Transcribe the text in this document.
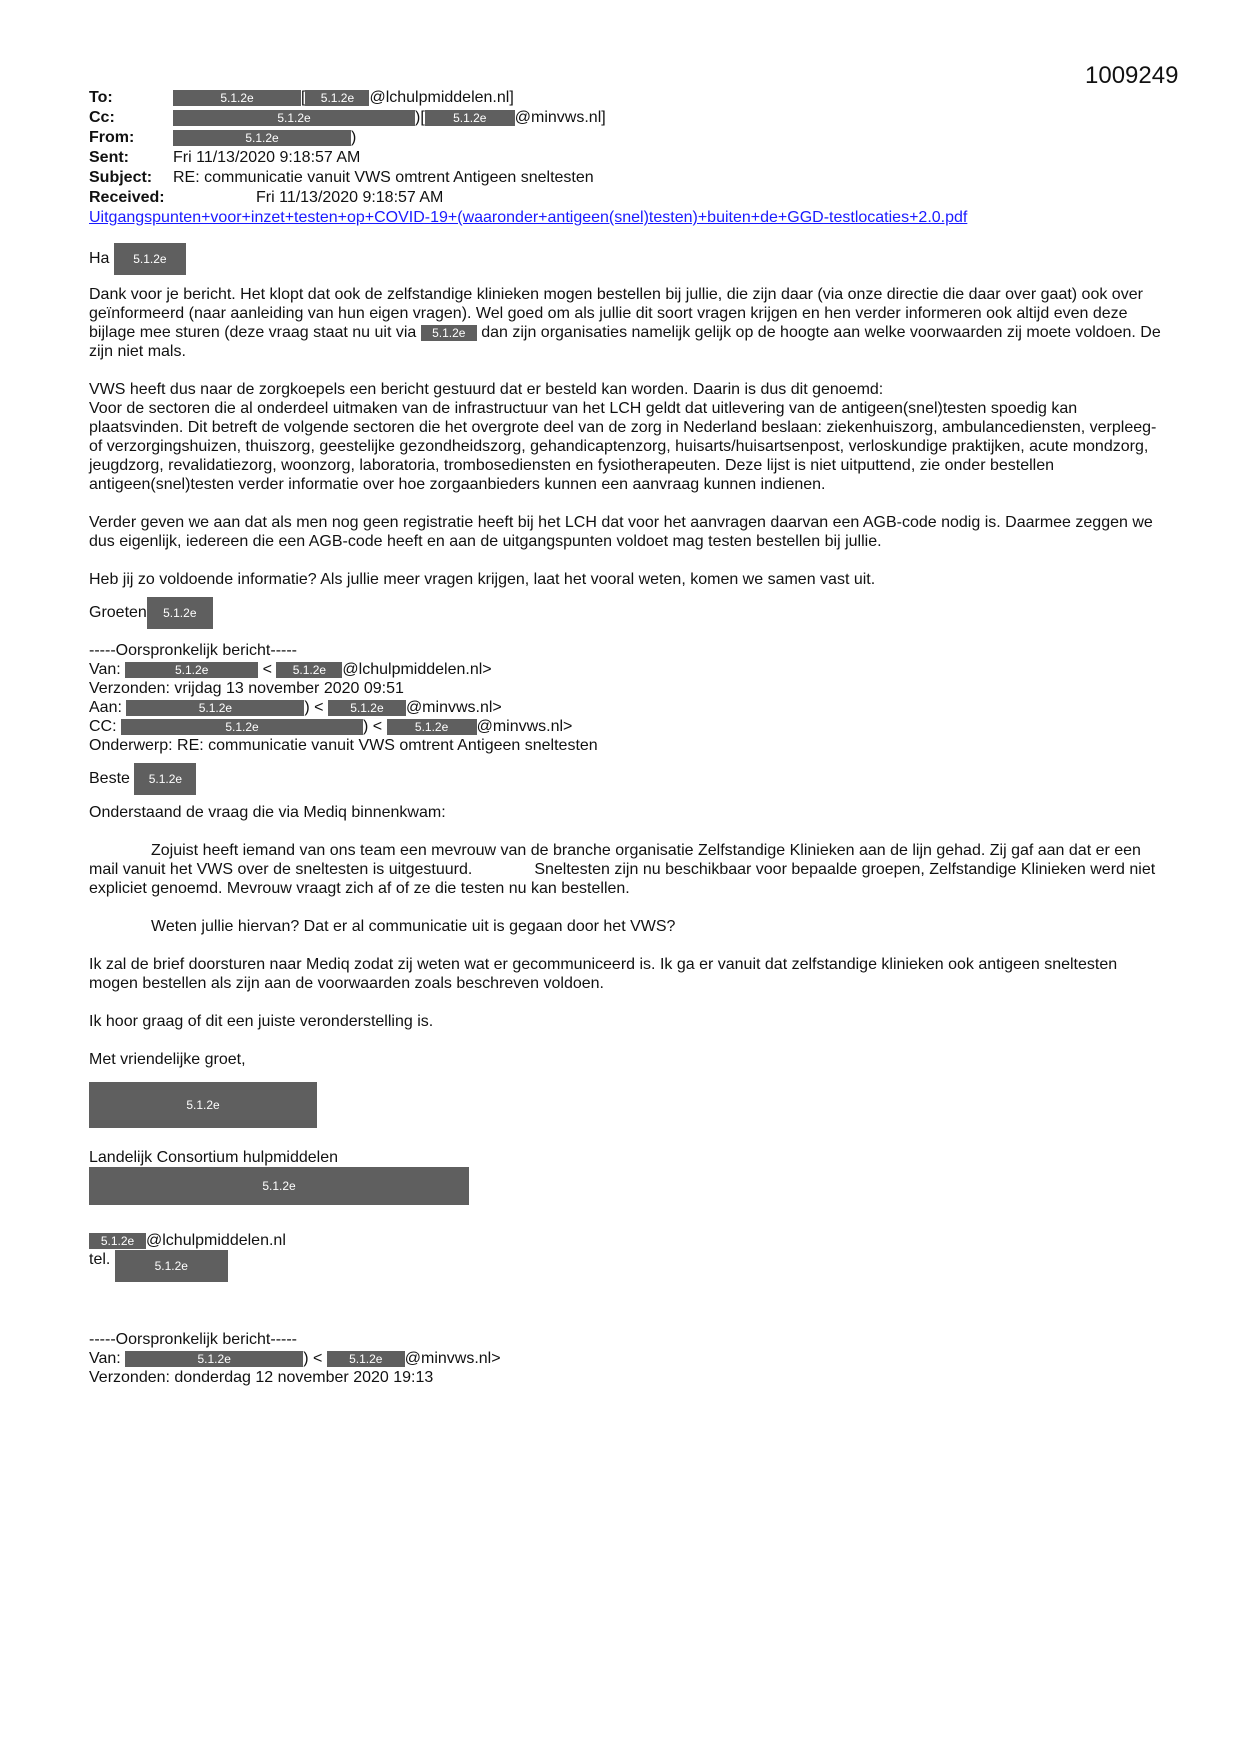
1009249
To:	5.1.2e	[ 5.1.2e @lchulpmiddelen.nl]
Cc:	5.1.2e	)[ 5.1.2e @minvws.nl]
From:	5.1.2e	)
Sent:	Fri 11/13/2020 9:18:57 AM
Subject: RE: communicatie vanuit VWS omtrent Antigeen sneltesten
Received:	Fri 11/13/2020 9:18:57 AM
Uitgangspunten+voor+inzet+testen+op+COVID-19+(waaronder+antigeen(snel)testen)+buiten+de+GGD-testlocaties+2.0.pdf

Ha 5.1.2e

Dank voor je bericht. Het klopt dat ook de zelfstandige klinieken mogen bestellen bij jullie, die zijn daar (via onze directie die daar over gaat) ook over geïnformeerd (naar aanleiding van hun eigen vragen). Wel goed om als jullie dit soort vragen krijgen en hen verder informeren ook altijd even deze bijlage mee sturen (deze vraag staat nu uit via 5.1.2e dan zijn organisaties namelijk gelijk op de hoogte aan welke voorwaarden zij moete voldoen. De zijn niet mals.

VWS heeft dus naar de zorgkoepels een bericht gestuurd dat er besteld kan worden. Daarin is dus dit genoemd:

Voor de sectoren die al onderdeel uitmaken van de infrastructuur van het LCH geldt dat uitlevering van de antigeen(snel)testen spoedig kan plaatsvinden. Dit betreft de volgende sectoren die het overgrote deel van de zorg in Nederland beslaan: ziekenhuiszorg, ambulancediensten, verpleeg- of verzorgingshuizen, thuiszorg, geestelijke gezondheidszorg, gehandicaptenzorg, huisarts/huisartsenpost, verloskundige praktijken, acute mondzorg, jeugdzorg, revalidatiezorg, woonzorg, laboratoria, trombosediensten en fysiotherapeuten. Deze lijst is niet uitputtend, zie onder bestellen antigeen(snel)testen verder informatie over hoe zorgaanbieders kunnen een aanvraag kunnen indienen.

Verder geven we aan dat als men nog geen registratie heeft bij het LCH dat voor het aanvragen daarvan een AGB-code nodig is. Daarmee zeggen we dus eigenlijk, iedereen die een AGB-code heeft en aan de uitgangspunten voldoet mag testen bestellen bij jullie.

Heb jij zo voldoende informatie? Als jullie meer vragen krijgen, laat het vooral weten, komen we samen vast uit.

Groeten 5.1.2e

-----Oorspronkelijk bericht-----
Van:	5.1.2e	< 5.1.2e @lchulpmiddelen.nl>
Verzonden: vrijdag 13 november 2020 09:51
Aan:	5.1.2e	) < 5.1.2e @minvws.nl>
CC:	5.1.2e	) < 5.1.2e @minvws.nl>
Onderwerp: RE: communicatie vanuit VWS omtrent Antigeen sneltesten

Beste 5.1.2e

Onderstaand de vraag die via Mediq binnenkwam:

Zojuist heeft iemand van ons team een mevrouw van de branche organisatie Zelfstandige Klinieken aan de lijn gehad. Zij gaf aan dat er een mail vanuit het VWS over de sneltesten is uitgestuurd.	Sneltesten zijn nu beschikbaar voor bepaalde groepen, Zelfstandige Klinieken werd niet expliciet genoemd. Mevrouw vraagt zich af of ze die testen nu kan bestellen.

Weten jullie hiervan? Dat er al communicatie uit is gegaan door het VWS?

Ik zal de brief doorsturen naar Mediq zodat zij weten wat er gecommuniceerd is. Ik ga er vanuit dat zelfstandige klinieken ook antigeen sneltesten mogen bestellen als zijn aan de voorwaarden zoals beschreven voldoen.

Ik hoor graag of dit een juiste veronderstelling is.

Met vriendelijke groet,

5.1.2e

Landelijk Consortium hulpmiddelen

5.1.2e
5.1.2e @lchulpmiddelen.nl
tel.	5.1.2e
-----Oorspronkelijk bericht-----
Van:	5.1.2e	) < 5.1.2e @minvws.nl>
Verzonden: donderdag 12 november 2020 19:13
